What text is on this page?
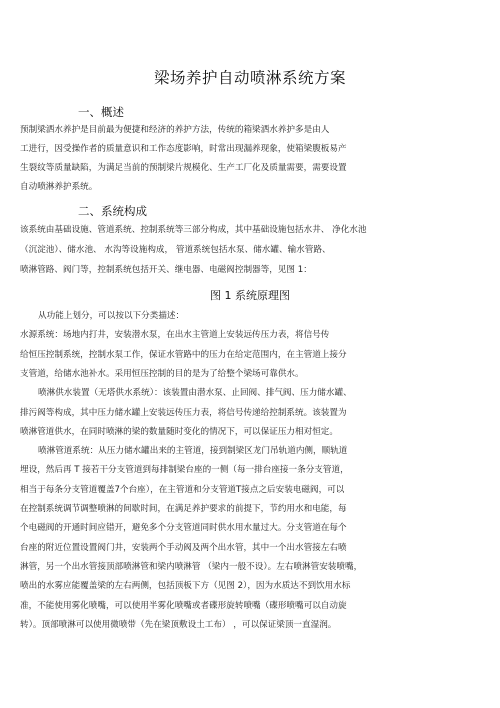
梁场养护自动喷淋系统方案
一、概述
预制梁洒水养护是目前最为便捷和经济的养护方法，传统的箱梁洒水养护多是由人
工进行，因受操作者的质量意识和工作态度影响，时常出现漏养现象，使箱梁腹板易产
生裂纹等质量缺陷，为满足当前的预制梁片规模化、生产工厂化及质量需要，需要设置
自动喷淋养护系统。
二、系统构成
该系统由基础设施、管道系统、控制系统等三部分构成，其中基础设施包括水井、 净化水池
（沉淀池）、储水池、 水沟等设施构成， 管道系统包括水泵、储水罐、输水管路、
喷淋管路、阀门等，控制系统包括开关、继电器、电磁阀控制器等，见图 1：
图 1 系统原理图
从功能上划分，可以按以下分类描述：
水源系统：场地内打井，安装潜水泵，在出水主管道上安装远传压力表，将信号传
给恒压控制系统，控制水泵工作，保证水管路中的压力在给定范围内，在主管道上接分
支管道，给储水池补水。采用恒压控制的目的是为了给整个梁场可靠供水。
喷淋供水装置（无塔供水系统）：该装置由潜水泵、止回阀、排气阀、压力储水罐、
排污阀等构成，其中压力储水罐上安装远传压力表，将信号传递给控制系统。该装置为
喷淋管道供水，在同时喷淋的梁的数量随时变化的情况下，可以保证压力相对恒定。
喷淋管道系统：从压力储水罐出来的主管道，接到制梁区龙门吊轨道内侧，顺轨道
埋设，然后再 T 接若干分支管道到每排制梁台座的一侧（每一排台座接一条分支管道，
相当于每条分支管道覆盖7个台座），在主管道和分支管道T接点之后安装电磁阀，可以
在控制系统调节调整喷淋的间歇时间，在满足养护要求的前提下，节约用水和电能，每
个电磁阀的开通时间应错开，避免多个分支管道同时供水用水量过大。分支管道在每个
台座的附近位置设置阀门井，安装两个手动阀及两个出水管，其中一个出水管接左右喷
淋管，另一个出水管接顶部喷淋管和梁内喷淋管 （梁内一般不设）。左右喷淋管安装喷嘴，
喷出的水雾应能覆盖梁的左右两侧，包括顶板下方（见图 2），因为水质达不到饮用水标
准，不能使用雾化喷嘴，可以使用半雾化喷嘴或者碟形旋转喷嘴（碟形喷嘴可以自动旋
转）。顶部喷淋可以使用微喷带（先在梁顶敷设土工布） ，可以保证梁顶一直湿润。
